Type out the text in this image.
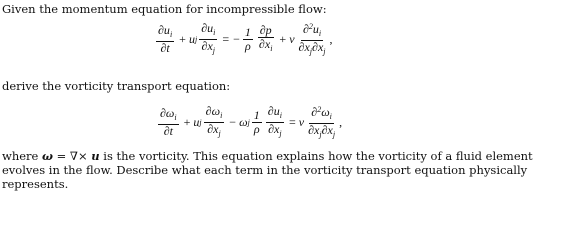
Given the momentum equation for incompressible flow:
$\frac{\partial u_i}{\partial t} + u$ j $\frac{\partial u_i}{\partial x_j}$ = − $\frac{1}{\rho} \frac{\partial p}{\partial x_i} + \nu \frac{\partial^2u_i}{\partial x_j\partial x_j}$ ,
derive the vorticity transport equation:
$\frac{\partial\omega_i}{\partial t} + u$ j $\frac{\partial\omega_i}{\partial x_j} - \omega$ j $\frac{1}{\rho} \frac{\partial u_i}{\partial x_j} = \nu \frac{\partial^2\omega_i}{\partial x_j\partial x_j}$ ,
where ω = ∇× u is the vorticity. This equation explains how the vorticity of a fluid element evolves in the flow. Describe what each term in the vorticity transport equation physically represents.
